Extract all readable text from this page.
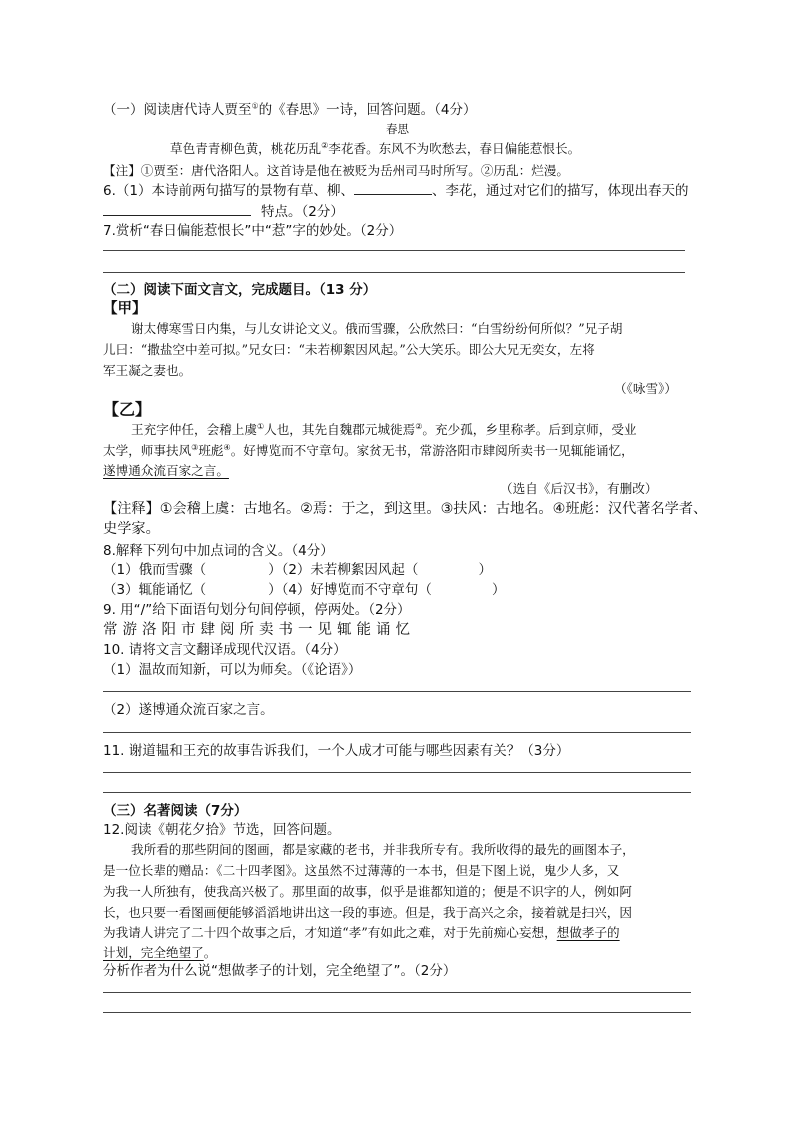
（一）阅读唐代诗人贾至①的《春思》一诗，回答问题。（4分）
春思
草色青青柳色黄，桃花历乱②李花香。东风不为吹愁去，春日偏能惹恨长。
【注】①贾至：唐代洛阳人。这首诗是他在被贬为岳州司马时所写。②历乱：烂漫。
6.（1）本诗前两句描写的景物有草、柳、	、李花，通过对它们的描写，体现出春天的
特点。（2分）
7.赏析“春日偏能惹恨长”中“惹”字的妙处。（2分）
（二）阅读下面文言文，完成题目。（13 分）
【甲】
谢太傅寒雪日内集，与儿女讲论文义。俄而雪骤，公欣然曰：“白雪纷纷何所似？”兄子胡
儿曰：“撒盐空中差可拟。”兄女曰：“未若柳絮因风起。”公大笑乐。即公大兄无奕女，左将
军王凝之妻也。
（《咏雪》）
【乙】
王充字仲任，会稽上虞①人也，其先自魏郡元城徙焉②。充少孤，乡里称孝。后到京师，受业
太学，师事扶风③班彪④。好博览而不守章句。家贫无书，常游洛阳市肆阅所卖书一见辄能诵忆，
遂博通众流百家之言。
（选自《后汉书》，有删改）
【注释】①会稽上虞：古地名。②焉：于之，到这里。③扶风：古地名。④班彪：汉代著名学者、
史学家。
8.解释下列句中加点词的含义。（4分）
（1）俄而雪骤（	）（2）未若柳絮因风起（	）
（3）辄能诵忆（	）（4）好博览而不守章句（	）
9. 用“/”给下面语句划分句间停顿，停两处。（2分）
常游洛阳市肆阅所卖书一见辄能诵忆
10. 请将文言文翻译成现代汉语。（4分）
（1）温故而知新，可以为师矣。（《论语》）
（2）遂博通众流百家之言。
11. 谢道韫和王充的故事告诉我们，一个人成才可能与哪些因素有关？（3分）
（三）名著阅读（7分）
12.阅读《朝花夕拾》节选，回答问题。
我所看的那些阴间的图画，都是家藏的老书，并非我所专有。我所收得的最先的画图本子，
是一位长辈的赠品：《二十四孝图》。这虽然不过薄薄的一本书，但是下图上说，鬼少人多，又
为我一人所独有，使我高兴极了。那里面的故事，似乎是谁都知道的；便是不识字的人，例如阿
长，也只要一看图画便能够滔滔地讲出这一段的事迹。但是，我于高兴之余，接着就是扫兴，因
为我请人讲完了二十四个故事之后，才知道“孝”有如此之难，对于先前痴心妄想，想做孝子的
计划，完全绝望了。
分析作者为什么说“想做孝子的计划，完全绝望了”。（2分）
